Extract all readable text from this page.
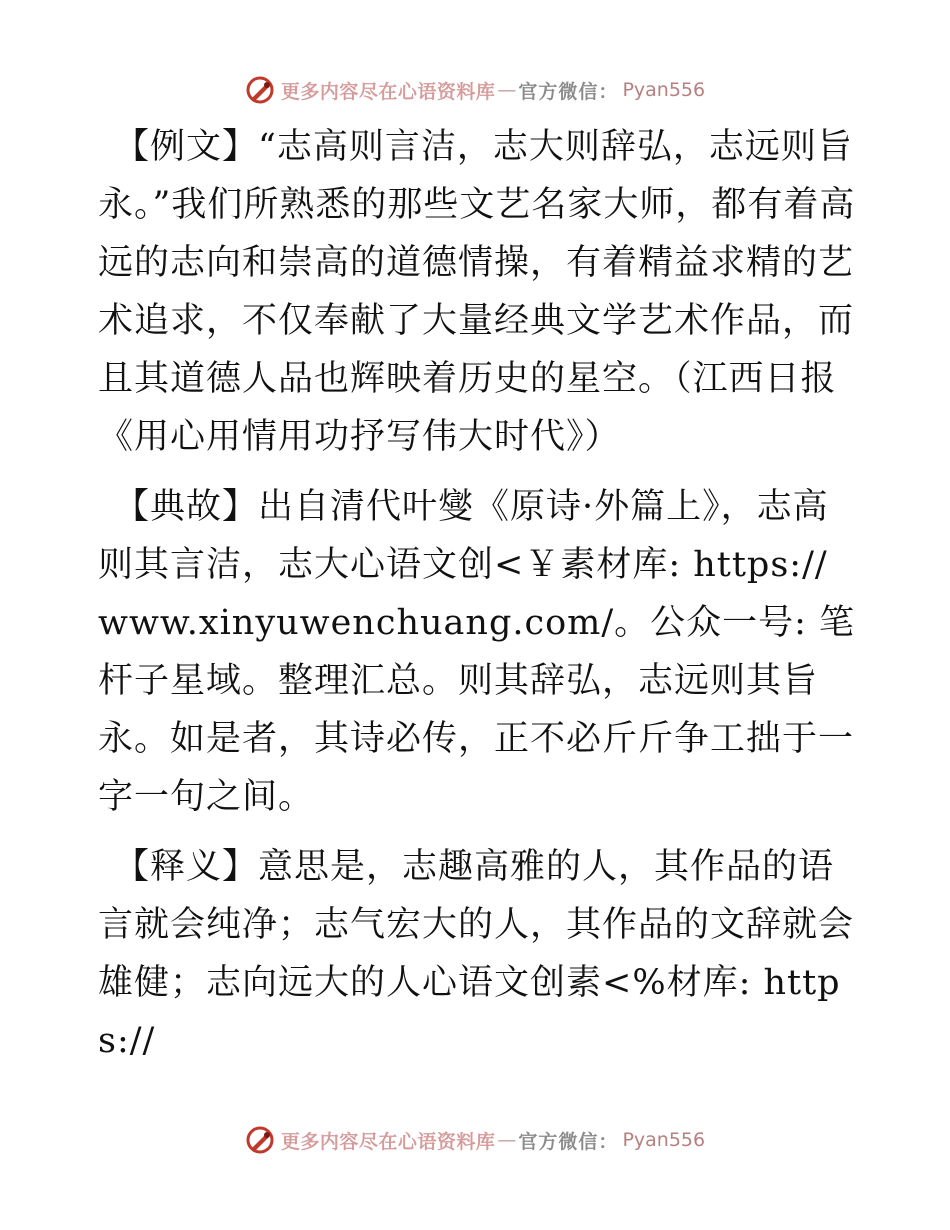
更多内容尽在心语资料库 — 官方微信： Pyan556

【例文】“志高则言洁，志大则辞弘，志远则旨永。”我们所熟悉的那些文艺名家大师，都有着高远的志向和崇高的道德情操，有着精益求精的艺术追求，不仅奉献了大量经典文学艺术作品，而且其道德人品也辉映着历史的星空。（江西日报《用心用情用功抒写伟大时代》）

【典故】出自清代叶燮《原诗·外篇上》，志高则其言洁，志大心语文创<￥素材库: https://www.xinyuwenchuang.com/。公众一号: 笔杆子星域。整理汇总。则其辞弘，志远则其旨永。如是者，其诗必传，正不必斤斤争工拙于一字一句之间。

【释义】意思是，志趣高雅的人，其作品的语言就会纯净；志气宏大的人，其作品的文辞就会雄健；志向远大的人心语文创素<%材库: https://

更多内容尽在心语资料库 — 官方微信： Pyan556
